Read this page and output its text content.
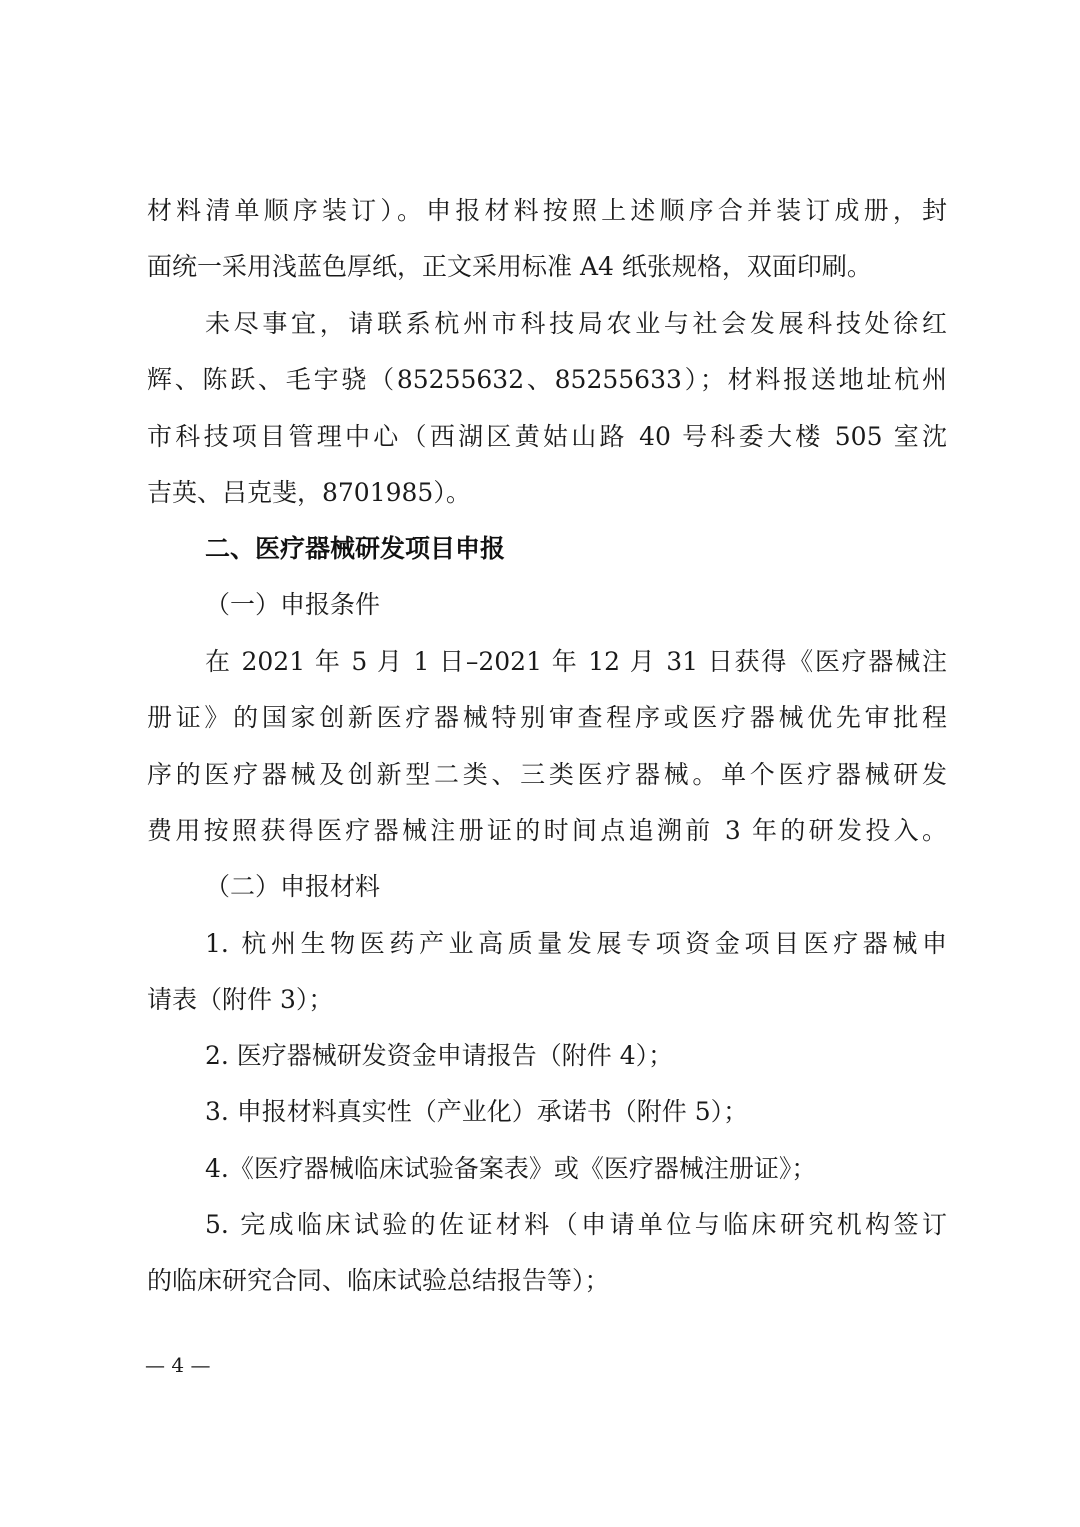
材料清单顺序装订）。申报材料按照上述顺序合并装订成册，封
面统一采用浅蓝色厚纸，正文采用标准 A4 纸张规格，双面印刷。
未尽事宜，请联系杭州市科技局农业与社会发展科技处徐红
辉、陈跃、毛宇骁（85255632、85255633）；材料报送地址杭州
市科技项目管理中心（西湖区黄姑山路 40 号科委大楼 505 室沈
吉英、吕克斐，8701985）。
二、医疗器械研发项目申报
（一）申报条件
在 2021 年 5 月 1 日–2021 年 12 月 31 日获得《医疗器械注
册证》的国家创新医疗器械特别审查程序或医疗器械优先审批程
序的医疗器械及创新型二类、三类医疗器械。单个医疗器械研发
费用按照获得医疗器械注册证的时间点追溯前 3 年的研发投入。
（二）申报材料
1. 杭州生物医药产业高质量发展专项资金项目医疗器械申
请表（附件 3）；
2. 医疗器械研发资金申请报告（附件 4）；
3. 申报材料真实性（产业化）承诺书（附件 5）；
4.《医疗器械临床试验备案表》或《医疗器械注册证》；
5. 完成临床试验的佐证材料（申请单位与临床研究机构签订
的临床研究合同、临床试验总结报告等）；
— 4 —
